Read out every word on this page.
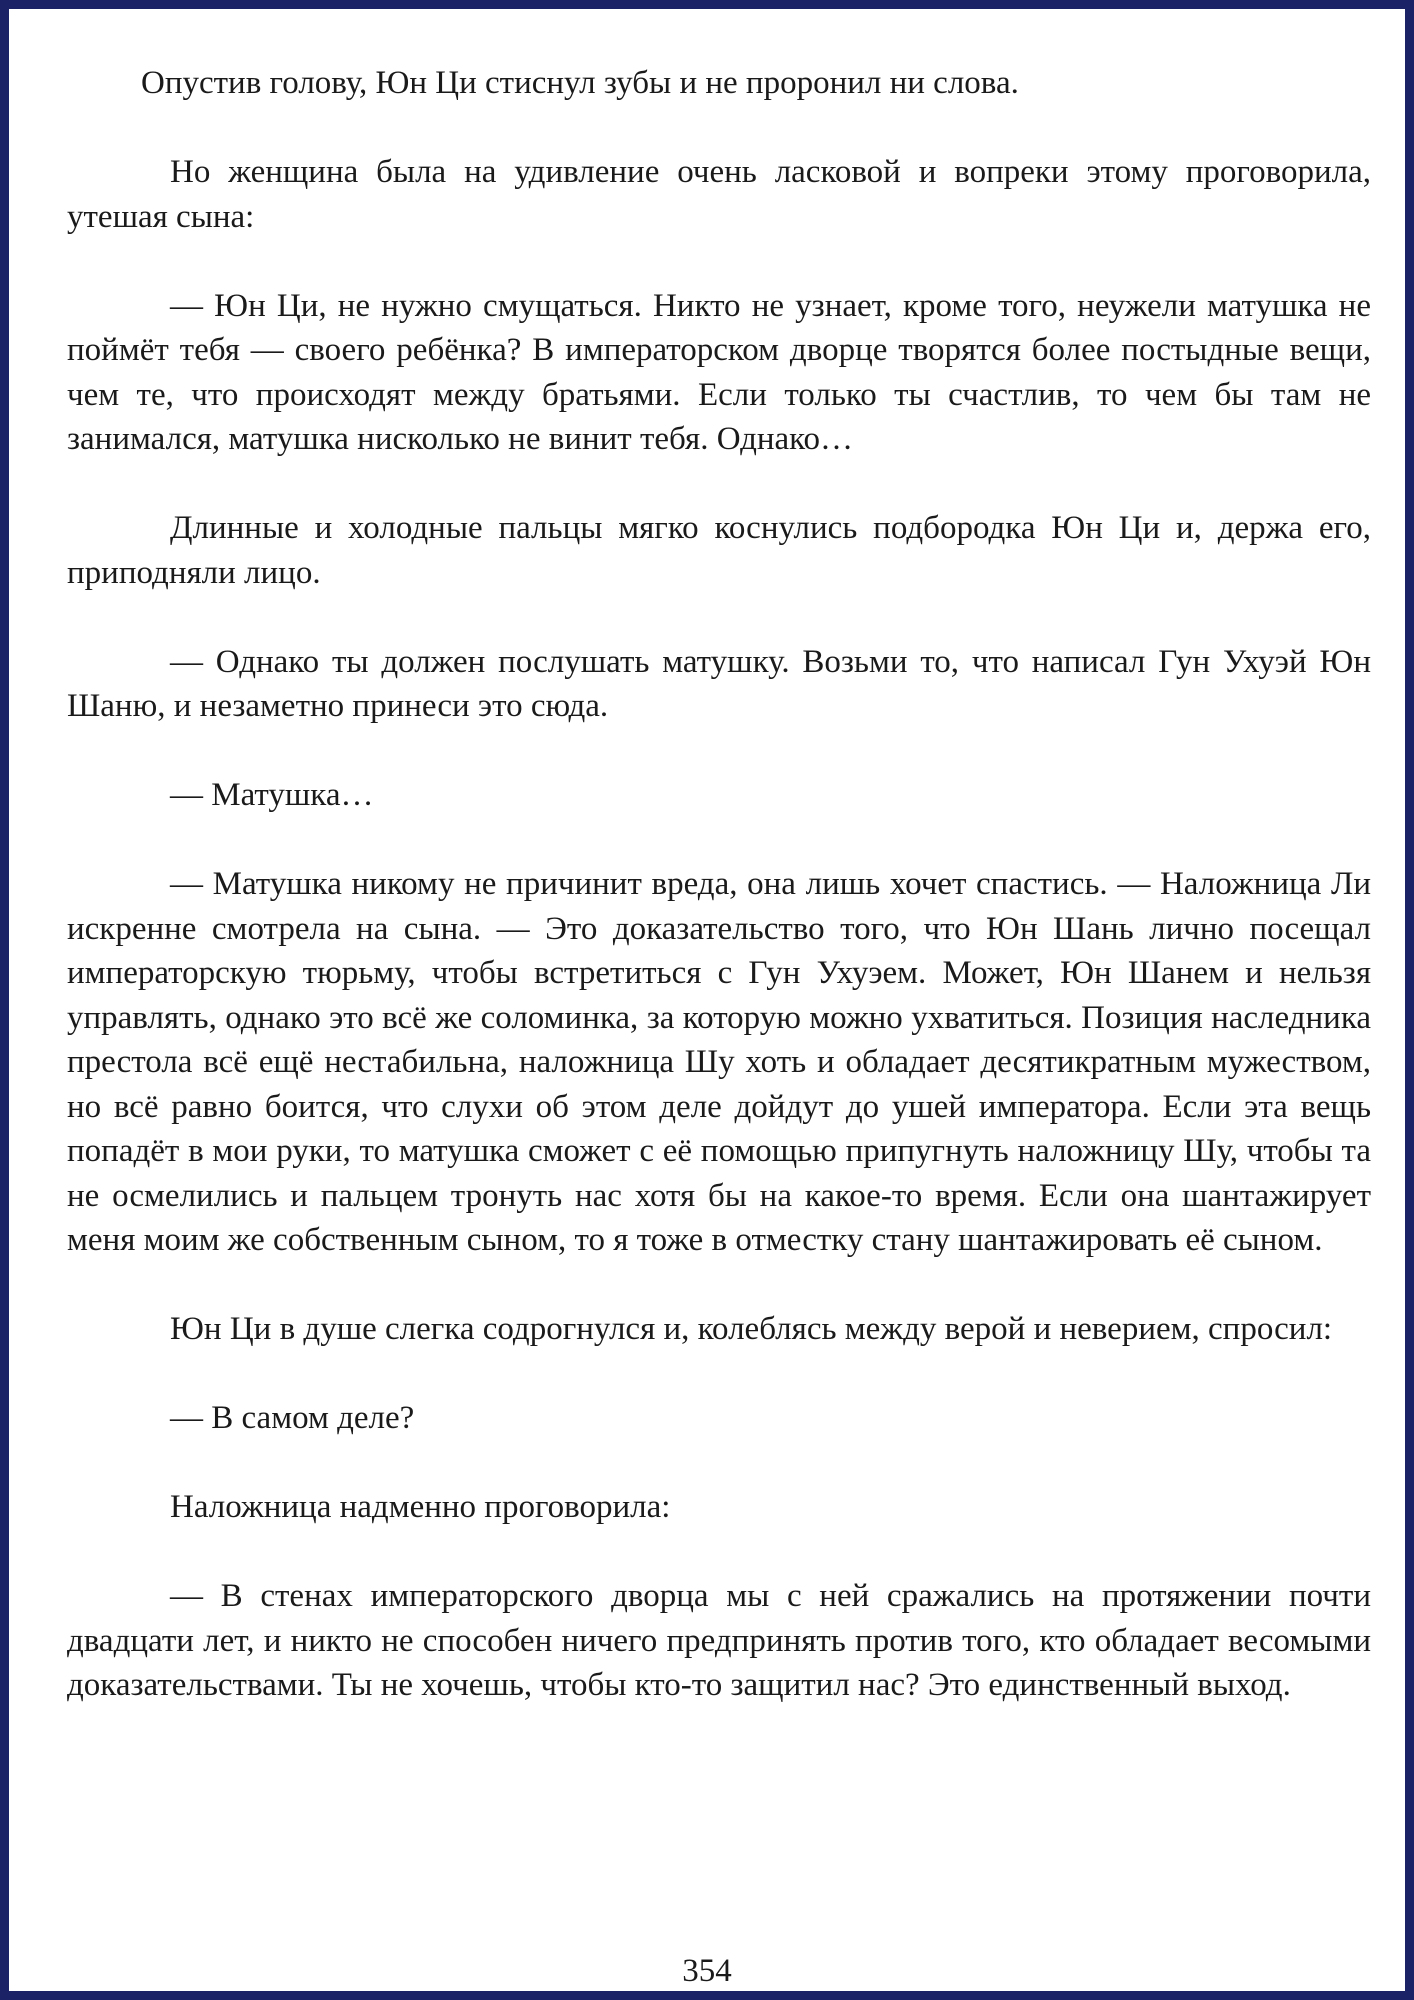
Опустив голову, Юн Ци стиснул зубы и не проронил ни слова.

Но женщина была на удивление очень ласковой и вопреки этому проговорила, утешая сына:

— Юн Ци, не нужно смущаться. Никто не узнает, кроме того, неужели матушка не поймёт тебя — своего ребёнка? В императорском дворце творятся более постыдные вещи, чем те, что происходят между братьями. Если только ты счастлив, то чем бы там не занимался, матушка нисколько не винит тебя. Однако…

Длинные и холодные пальцы мягко коснулись подбородка Юн Ци и, держа его, приподняли лицо.

— Однако ты должен послушать матушку. Возьми то, что написал Гун Ухуэй Юн Шаню, и незаметно принеси это сюда.

— Матушка…

— Матушка никому не причинит вреда, она лишь хочет спастись. — Наложница Ли искренне смотрела на сына. — Это доказательство того, что Юн Шань лично посещал императорскую тюрьму, чтобы встретиться с Гун Ухуэем. Может, Юн Шанем и нельзя управлять, однако это всё же соломинка, за которую можно ухватиться. Позиция наследника престола всё ещё нестабильна, наложница Шу хоть и обладает десятикратным мужеством, но всё равно боится, что слухи об этом деле дойдут до ушей императора. Если эта вещь попадёт в мои руки, то матушка сможет с её помощью припугнуть наложницу Шу, чтобы та не осмелились и пальцем тронуть нас хотя бы на какое-то время. Если она шантажирует меня моим же собственным сыном, то я тоже в отместку стану шантажировать её сыном.

Юн Ци в душе слегка содрогнулся и, колеблясь между верой и неверием, спросил:

— В самом деле?

Наложница надменно проговорила:

— В стенах императорского дворца мы с ней сражались на протяжении почти двадцати лет, и никто не способен ничего предпринять против того, кто обладает весомыми доказательствами. Ты не хочешь, чтобы кто-то защитил нас? Это единственный выход.

354
